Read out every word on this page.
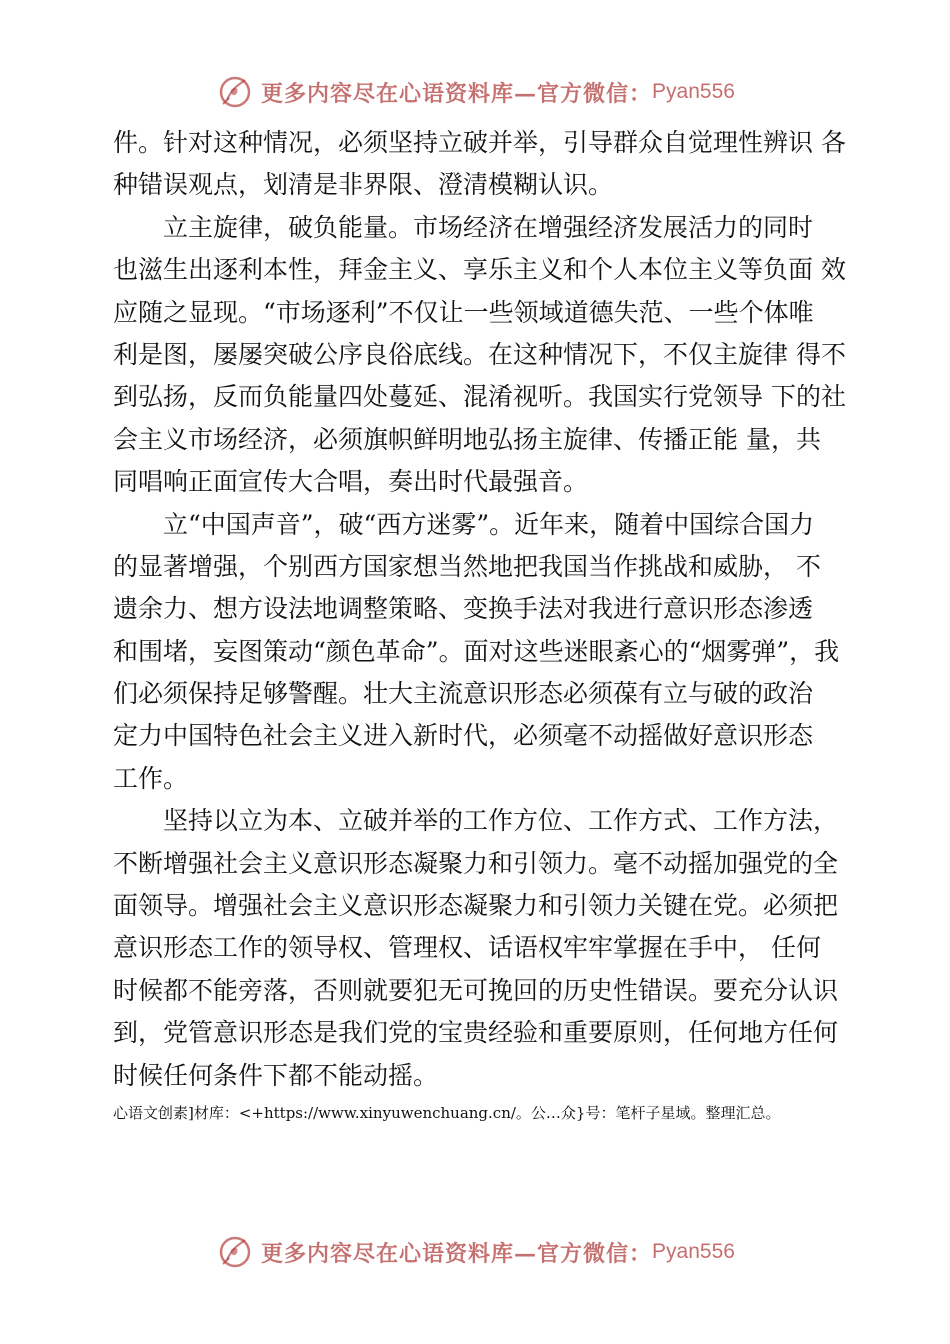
更多内容尽在心语资料库—官方微信： Pyan556
件。针对这种情况，必须坚持立破并举，引导群众自觉理性辨识 各
种错误观点，划清是非界限、澄清模糊认识。
立主旋律，破负能量。市场经济在增强经济发展活力的同时
也滋生出逐利本性，拜金主义、享乐主义和个人本位主义等负面 效
应随之显现。“市场逐利”不仅让一些领域道德失范、一些个体唯
利是图，屡屡突破公序良俗底线。在这种情况下，不仅主旋律 得不
到弘扬，反而负能量四处蔓延、混淆视听。我国实行党领导 下的社
会主义市场经济，必须旗帜鲜明地弘扬主旋律、传播正能 量，共
同唱响正面宣传大合唱，奏出时代最强音。
立“中国声音”，破“西方迷雾”。近年来，随着中国综合国力
的显著增强，个别西方国家想当然地把我国当作挑战和威胁， 不
遗余力、想方设法地调整策略、变换手法对我进行意识形态渗透
和围堵，妄图策动“颜色革命”。面对这些迷眼紊心的“烟雾弹”，我
们必须保持足够警醒。壮大主流意识形态必须葆有立与破的政治
定力中国特色社会主义进入新时代，必须毫不动摇做好意识形态
工作。
坚持以立为本、立破并举的工作方位、工作方式、工作方法，
不断增强社会主义意识形态凝聚力和引领力。毫不动摇加强党的全
面领导。增强社会主义意识形态凝聚力和引领力关键在党。必须把
意识形态工作的领导权、管理权、话语权牢牢掌握在手中， 任何
时候都不能旁落，否则就要犯无可挽回的历史性错误。要充分认识
到，党管意识形态是我们党的宝贵经验和重要原则，任何地方任何
时候任何条件下都不能动摇。
心语文创素]材库：<+https://www.xinyuwenchuang.cn/。公…众}号：笔杆子星域。整理汇总。
更多内容尽在心语资料库—官方微信： Pyan556
